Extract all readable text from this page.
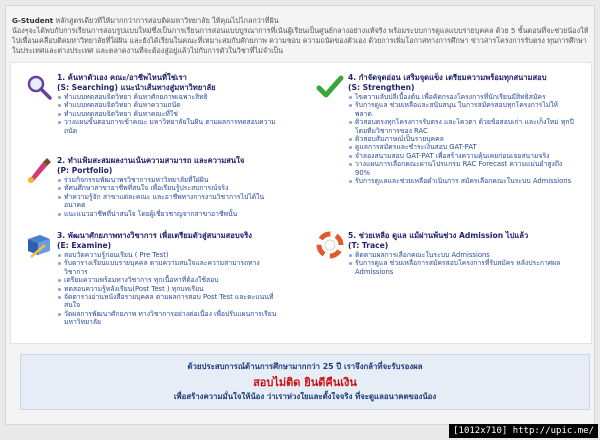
G-Student หลักสูตรเดียวที่ให้มากกว่าการสอบติดมหาวิทยาลัย ให้คุณไปไกลกว่าที่ฝัน
น้องๆจะได้พบกับการเรียนการสอบรูปแบบใหม่ซึ่งเป็นการเรียนการสอนแบบบูรณาการที่เน้นผู้เรียนเป็นศูนย์กลางอย่างแท้จริง พร้อมระบบการดูแลแบบรายบุคคล ด้วย 5 ขั้นตอนที่จะช่วยน้องให้ไปเพื่อนเคลือบติดมหาวิทยาลัยที่ใฝ่ฝัน และยังได้เรียนในคณะที่เหมาะสมกับศักยภาพ ความชอบ ความถนัดของตัวเอง ด้วยการเพิ่มโอกาสทางการศึกษา ข่าวสารโครงการรับตรง ทุนการศึกษาในประเทศและต่างประเทศ และตลาดงานที่จะต้องสู่อยู่แล้วไปกับการตัวในวิชาที่ไม่จำเป็น
1. ค้นหาตัวเอง คณะ/อาชีพไหนที่ใช่เรา
(S: Searching) แนะนำเส้นทางสู่มหาวิทยาลัย
ทำแบบทดสอบจิตวิทยา ค้นหาศักยภาพเฉพาะสิทธิ
ทำแบบทดสอบจิตวิทยา ค้นหาความถนัด
ทำแบบทดสอบจิตวิทยา ค้นหาคณะที่ใช่
วางแผนขั้นตอนการเข้าคณะ มหาวิทยาลัยในฝัน ตามผลการทดสอบความถนัด
2. ทำแฟ้มสะสมผลงานเน้นความสามารถ และความสนใจ
(P: Portfolio)
ร่วมกิจกรรมพัฒนาพรวิชาการมหาวิทยาลัยที่ใฝ่ฝัน
ทัศนศึกษาสาขาอาชีพที่สนใจ เพื่อเรียนรู้ประสบการณ์จริง
ทำความรู้จัก สาขาแต่ละคณะ และอาชีพทางการงานวิชาการไปได้ในอนาคต
แนะแนวอาชีพที่น่าสนใจ โดยผู้เชี่ยวชาญจากสาขาอาชีพนั้น
3. พัฒนาศักยภาพทางวิชาการ เพื่อเตรียมตัวสู่สนามสอบจริง
(E: Examine)
สอบวัดความรู้ก่อนเรียน ( Pre Test)
รับตารางเรียนแบบรายบุคคล ตามความสนใจและความสามารถทางวิชาการ
เตรียมความพร้อมทางวิชาการ ทุกเนื้อหาที่ต้องใช้สอบ
ทดสอบความรู้หลังเรียน(Post Test ) ทุกบทเรียน
จัดตารางอ่านหนังสือรายบุคคล ตามผลการสอบ Post Test และคะแนนที่สนใจ
วัดผลการพัฒนาศักยภาพ ทางวิชาการอย่างต่อเนื่อง เพื่อปรับแผนการเรียนมหาวิทยาลัย
4. กำจัดจุดอ่อน เสริมจุดแข็ง เตรียมความพร้อมทุกสนามสอบ
(S: Strengthen)
ไขความลับปลีเบื้องต้น เพื่อคัดกรองโครงการที่นักเรียนมีสิทธิสมัคร
รับการดูแล ช่วยเหลือและสนับสนุน ในการสมัครสอบทุกโครงการไม่ให้พลาด
ติวสอบตรงทุกโครงการรับตรง และโควตา ด้วยข้อสอบเก่า และเก็งใหม่ ทุกปีโดยทีมวิชาการของ RAC
ติวสอบสัมภาษณ์เป็นรายบุคคล
ดูแลการสมัครและชำระเงินสอบ GAT-PAT
จำลองสนามสอบ GAT-PAT เพื่อสร้างความคุ้นเคยก่อนเจอสนามจริง
วางแผนการเลือกคณะผ่านโปรแกรม RAC Forecast ความแม่นยำสูงถึง 90%
รับการดูแลและช่วยเหลือดำเนินการ สมัครเลือกคณะในระบบ Admissions
5. ช่วยเหลือ ดูแล แม้ผ่านพ้นช่วง Admission ไปแล้ว
(T: Trace)
ติดตามผลการเลือกคณะในระบบ Admissions
รับการดูแล ช่วยเหลือการสมัครสอบโครงการที่รับสมัคร หลังประกาศผล Admissions
ด้วยประสบการณ์ด้านการศึกษามากกว่า 25 ปี เราจึงกล้าที่จะรับรองผล
สอบไม่ติด ยินดีคืนเงิน
เพื่อสร้างความมั่นใจให้น้อง ว่าเราห่วงใยและตั้งใจจริง ที่จะดูแลอนาคตของน้อง
[1012x710] http://upic.me/
